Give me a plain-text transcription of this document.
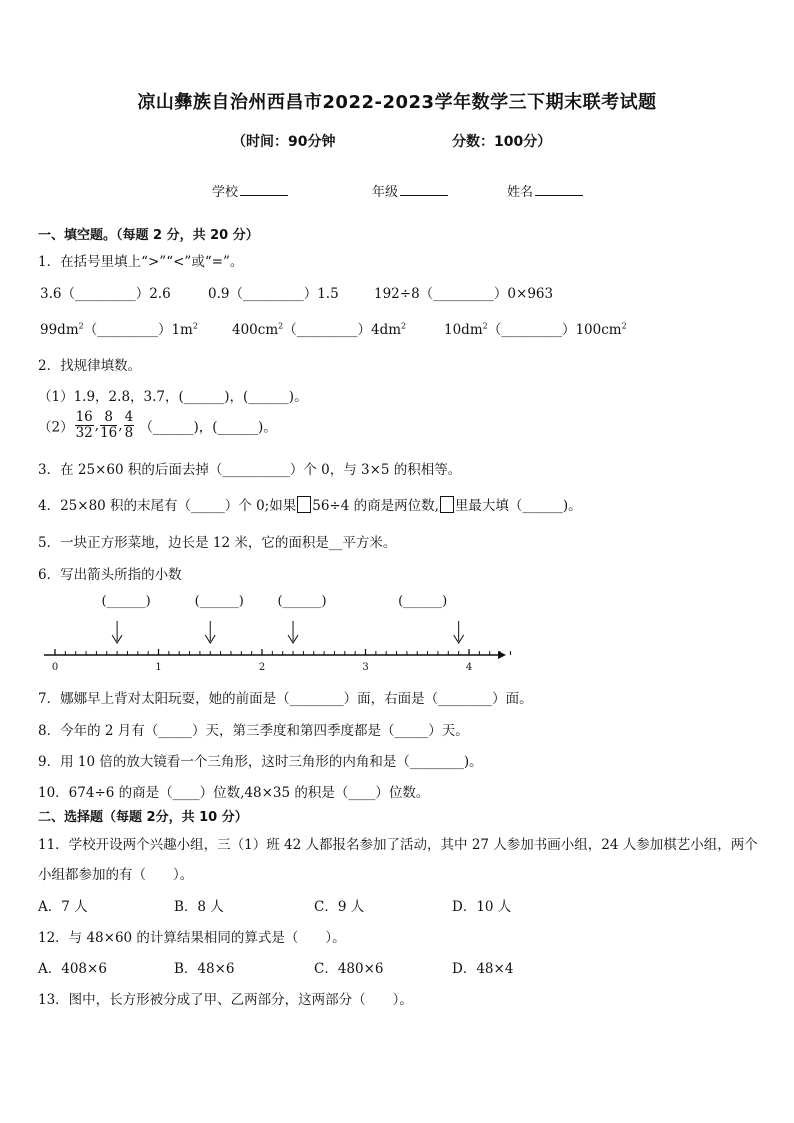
凉山彝族自治州西昌市2022-2023学年数学三下期末联考试题
（时间：90分钟	分数：100分）
学校	年级	姓名
一、填空题。（每题 2 分，共 20 分）
1．在括号里填上“>”“<”或“=”。
3.6（_________）2.6	0.9（_________）1.5	192÷8（_________）0×963
$99dm^2(\_\_\_\_\_\_\_\_\_)1m^2$	$400cm^2(\_\_\_\_\_\_\_\_\_)4dm^2$	$10dm^2(\_\_\_\_\_\_\_\_\_)100cm^2$
2．找规律填数。
（1）1.9，2.8，3.7，(______)，(______)。
$(2) \frac{16}{32}$ , $\frac{8}{16}$ , $\frac{4}{8}$ （______)，(______)。
3．在 25×60 积的后面去掉（__________）个 0，与 3×5 的积相等。
4．25×80 积的末尾有（_____）个 0;如果 56÷4 的商是两位数, 里最大填（______)。
5．一块正方形菜地，边长是 12 米，它的面积是__平方米。
6．写出箭头所指的小数
0	1	2	3	4
(______)	(______)	(______)	(______)
7．娜娜早上背对太阳玩耍，她的前面是（________）面，右面是（________）面。
8．今年的 2 月有（_____）天，第三季度和第四季度都是（_____）天。
9．用 10 倍的放大镜看一个三角形，这时三角形的内角和是（________)。
10．674÷6 的商是（____）位数,48×35 的积是（____）位数。
二、选择题（每题 2分，共 10 分）
11．学校开设两个兴趣小组，三（1）班 42 人都报名参加了活动，其中 27 人参加书画小组，24 人参加棋艺小组，两个
小组都参加的有（　　）。
A．7 人	B．8 人	C．9 人	D．10 人
12．与 48×60 的计算结果相同的算式是（　　）。
A．408×6	B．48×6	C．480×6	D．48×4
13．图中，长方形被分成了甲、乙两部分，这两部分（　　）。
